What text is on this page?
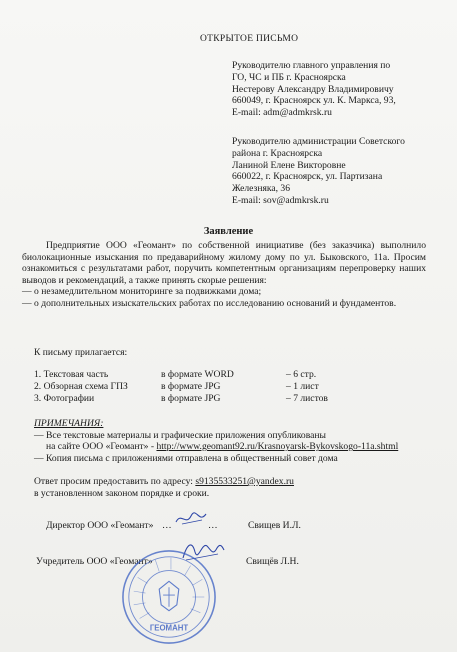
ОТКРЫТОЕ ПИСЬМО
Руководителю главного управления по
ГО, ЧС и ПБ г. Красноярска
Нестерову Александру Владимировичу
660049, г. Красноярск ул. К. Маркса, 93,
E-mail: adm@admkrsk.ru
Руководителю администрации Советского
района г. Красноярска
Ланиной Елене Викторовне
660022, г. Красноярск, ул. Партизана
Железняка, 36
E-mail: sov@admkrsk.ru
Заявление

Предприятие ООО «Геомант» по собственной инициативе (без заказчика) выполнило биолокационные изыскания по предаварийному жилому дому по ул. Быковского, 11а. Просим ознакомиться с результатами работ, поручить компетентным организациям перепроверку наших выводов и рекомендаций, а также принять скорые решения:

— о незамедлительном мониторинге за подвижками дома;
— о дополнительных изыскательских работах по исследованию оснований и фундаментов.
К письму прилагается:
1. Текстовая часть	в формате WORD	– 6 стр.
2. Обзорная схема ГПЗ	в формате JPG	– 1 лист
3. Фотографии	в формате JPG	– 7 листов
ПРИМЕЧАНИЯ:
— Все текстовые материалы и графические приложения опубликованы
на сайте ООО «Геомант» - http://www.geomant92.ru/Krasnoyarsk-Bykovskogo-11a.shtml
— Копия письма с приложениями отправлена в общественный совет дома
Ответ просим предоставить по адресу: s9135533251@yandex.ru
в установленном законом порядке и сроки.
Директор ООО «Геомант» …	…	Свищев И.Л.
Учредитель ООО «Геомант»	Свищёв Л.Н.
ГЕОМАНТ
